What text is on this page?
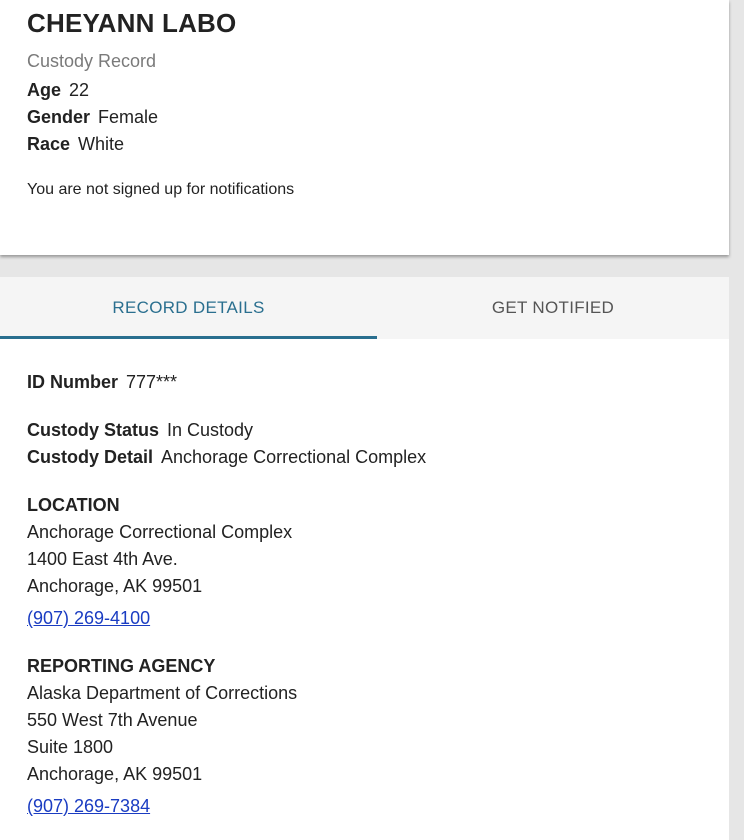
CHEYANN LABO
Custody Record
Age 22
Gender Female
Race White
You are not signed up for notifications
RECORD DETAILS	GET NOTIFIED
ID Number 777***
Custody Status In Custody
Custody Detail Anchorage Correctional Complex
LOCATION
Anchorage Correctional Complex
1400 East 4th Ave.
Anchorage, AK 99501
(907) 269-4100
REPORTING AGENCY
Alaska Department of Corrections
550 West 7th Avenue
Suite 1800
Anchorage, AK 99501
(907) 269-7384
